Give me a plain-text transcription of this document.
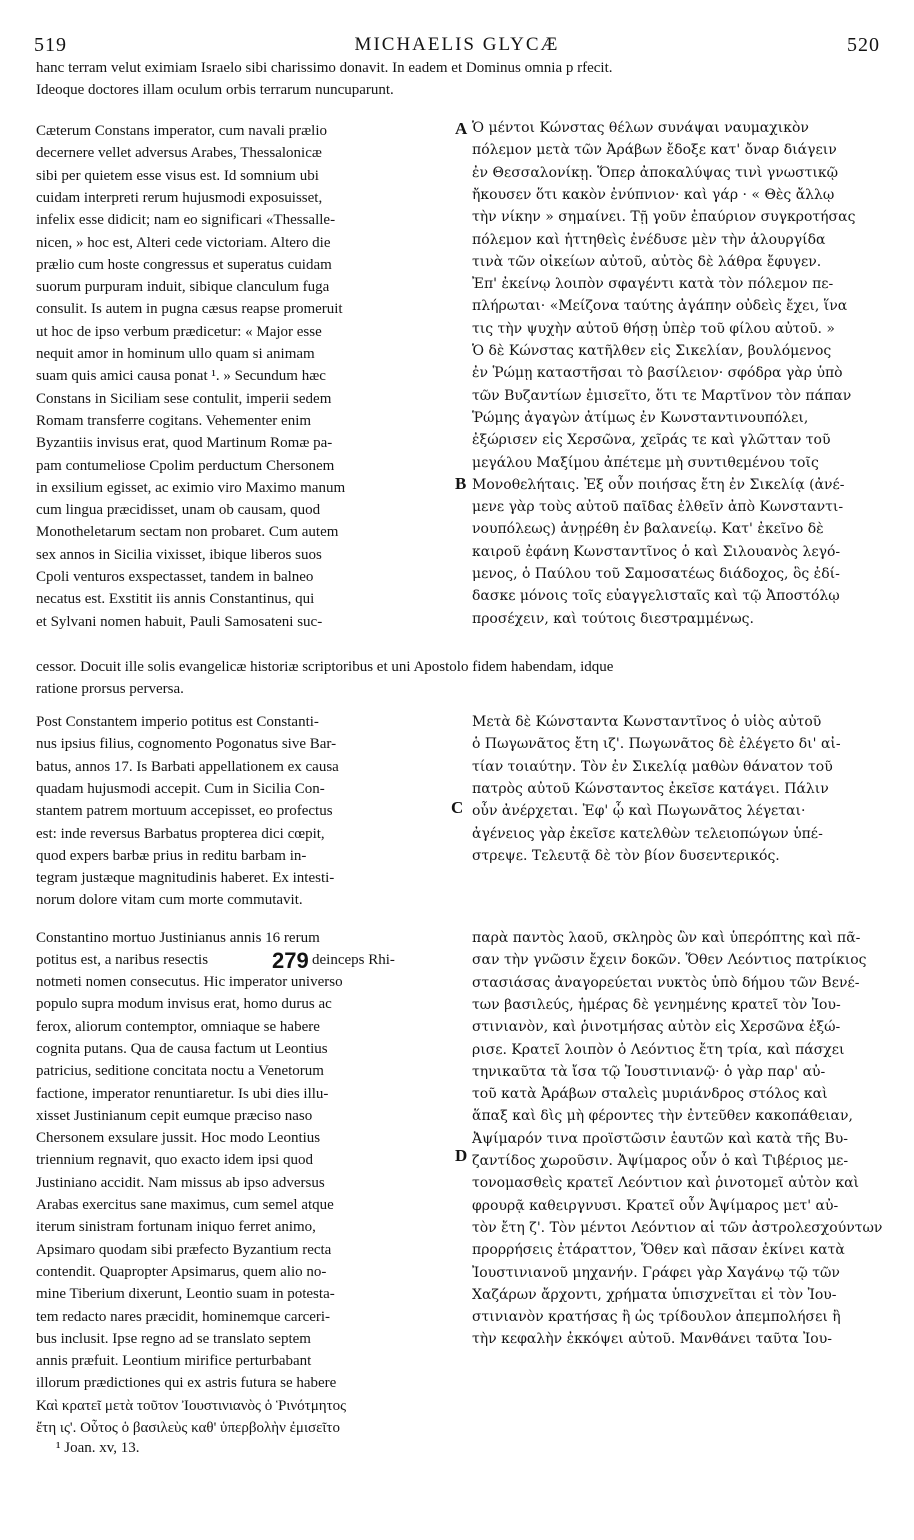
519	MICHAELIS GLYCÆ	520
A
B
C
D
279
¹ Joan. xv, 13.
hanc terram velut eximiam Israelo sibi charissimo donavit. In eadem et Dominus omnia p rfecit.
Ideoque doctores illam oculum orbis terrarum nuncuparunt.
Cæterum Constans imperator, cum navali prælio
decernere vellet adversus Arabes, Thessalonicæ
sibi per quietem esse visus est. Id somnium ubi
cuidam interpreti rerum hujusmodi exposuisset,
infelix esse didicit; nam eo significari «Thessalle-
nicen, » hoc est, Alteri cede victoriam. Altero die
prælio cum hoste congressus et superatus cuidam
suorum purpuram induit, sibique clanculum fuga
consulit. Is autem in pugna cæsus reapse promeruit
ut hoc de ipso verbum prædicetur: « Major esse
nequit amor in hominum ullo quam si animam
suam quis amici causa ponat ¹. » Secundum hæc
Constans in Siciliam sese contulit, imperii sedem
Romam transferre cogitans. Vehementer enim
Byzantiis invisus erat, quod Martinum Romæ pa-
pam contumeliose Cpolim perductum Chersonem
in exsilium egisset, ac eximio viro Maximo manum
cum lingua præcidisset, unam ob causam, quod
Monotheletarum sectam non probaret. Cum autem
sex annos in Sicilia vixisset, ibique liberos suos
Cpoli venturos exspectasset, tandem in balneo
necatus est. Exstitit iis annis Constantinus, qui
et Sylvani nomen habuit, Pauli Samosateni suc-
cessor. Docuit ille solis evangelicæ historiæ scriptoribus et uni Apostolo fidem habendam, idque
ratione prorsus perversa.
Ὁ μέντοι Κώνστας θέλων συνάψαι ναυμαχικὸν
πόλεμον μετὰ τῶν Ἀράβων ἔδοξε κατ' ὄναρ διάγειν
ἐν Θεσσαλονίκῃ. Ὅπερ ἀποκαλύψας τινὶ γνωστικῷ
ἤκουσεν ὅτι κακὸν ἐνύπνιον· καὶ γάρ · « Θὲς ἄλλῳ
τὴν νίκην » σημαίνει. Τῇ γοῦν ἐπαύριον συγκροτήσας
πόλεμον καὶ ἡττηθεὶς ἐνέδυσε μὲν τὴν ἁλουργίδα
τινὰ τῶν οἰκείων αὐτοῦ, αὐτὸς δὲ λάθρα ἔφυγεν.
Ἐπ' ἐκείνῳ λοιπὸν σφαγέντι κατὰ τὸν πόλεμον πε-
πλήρωται· «Μείζονα ταύτης ἀγάπην οὐδεὶς ἔχει, ἵνα
τις τὴν ψυχὴν αὐτοῦ θήσῃ ὑπὲρ τοῦ φίλου αὐτοῦ. »
Ὁ δὲ Κώνστας κατῆλθεν εἰς Σικελίαν, βουλόμενος
ἐν Ῥώμῃ καταστῆσαι τὸ βασίλειον· σφόδρα γὰρ ὑπὸ
τῶν Βυζαντίων ἐμισεῖτο, ὅτι τε Μαρτῖνον τὸν πάπαν
Ῥώμης ἀγαγὼν ἀτίμως ἐν Κωνσταντινουπόλει,
ἐξώρισεν εἰς Χερσῶνα, χεῖράς τε καὶ γλῶτταν τοῦ
μεγάλου Μαξίμου ἀπέτεμε μὴ συντιθεμένου τοῖς
Μονοθελήταις. Ἐξ οὖν ποιήσας ἔτη ἐν Σικελίᾳ (ἀνέ-
μενε γὰρ τοὺς αὐτοῦ παῖδας ἐλθεῖν ἀπὸ Κωνσταντι-
νουπόλεως) ἀνῃρέθη ἐν βαλανείῳ. Κατ' ἐκεῖνο δὲ
καιροῦ ἐφάνη Κωνσταντῖνος ὁ καὶ Σιλουανὸς λεγό-
μενος, ὁ Παύλου τοῦ Σαμοσατέως διάδοχος, ὃς ἐδί-
δασκε μόνοις τοῖς εὐαγγελισταῖς καὶ τῷ Ἀποστόλῳ
προσέχειν, καὶ τούτοις διεστραμμένως.
Post Constantem imperio potitus est Constanti-
nus ipsius filius, cognomento Pogonatus sive Bar-
batus, annos 17. Is Barbati appellationem ex causa
quadam hujusmodi accepit. Cum in Sicilia Con-
stantem patrem mortuum accepisset, eo profectus
est: inde reversus Barbatus propterea dici cœpit,
quod expers barbæ prius in reditu barbam in-
tegram justæque magnitudinis haberet. Ex intesti-
norum dolore vitam cum morte commutavit.
Μετὰ δὲ Κώνσταντα Κωνσταντῖνος ὁ υἱὸς αὐτοῦ
ὁ Πωγωνᾶτος ἔτη ιζ'. Πωγωνᾶτος δὲ ἐλέγετο δι' αἰ-
τίαν τοιαύτην. Τὸν ἐν Σικελίᾳ μαθὼν θάνατον τοῦ
πατρὸς αὐτοῦ Κώνσταντος ἐκεῖσε κατάγει. Πάλιν
οὖν ἀνέρχεται. Ἐφ' ᾧ καὶ Πωγωνᾶτος λέγεται·
ἀγένειος γὰρ ἐκεῖσε κατελθὼν τελειοπώγων ὑπέ-
στρεψε. Τελευτᾷ δὲ τὸν βίον δυσεντερικός.
Constantino mortuo Justinianus annis 16 rerum
potitus est, a naribus resectis	deinceps Rhi-
notmeti nomen consecutus. Hic imperator universo
populo supra modum invisus erat, homo durus ac
ferox, aliorum contemptor, omniaque se habere
cognita putans. Qua de causa factum ut Leontius
patricius, seditione concitata noctu a Venetorum
factione, imperator renuntiaretur. Is ubi dies illu-
xisset Justinianum cepit eumque præciso naso
Chersonem exsulare jussit. Hoc modo Leontius
triennium regnavit, quo exacto idem ipsi quod
Justiniano accidit. Nam missus ab ipso adversus
Arabas exercitus sane maximus, cum semel atque
iterum sinistram fortunam iniquo ferret animo,
Apsimaro quodam sibi præfecto Byzantium recta
contendit. Quapropter Apsimarus, quem alio no-
mine Tiberium dixerunt, Leontio suam in potesta-
tem redacto nares præcidit, hominemque carceri-
bus inclusit. Ipse regno ad se translato septem
annis præfuit. Leontium mirifice perturbabant
illorum prædictiones qui ex astris futura se habere
Καὶ κρατεῖ μετὰ τοῦτον Ἰουστινιανὸς ὁ Ῥινότμητος
ἔτη ις'. Οὗτος ὁ βασιλεὺς καθ' ὑπερβολὴν ἐμισεῖτο
παρὰ παντὸς λαοῦ, σκληρὸς ὢν καὶ ὑπερόπτης καὶ πᾶ-
σαν τὴν γνῶσιν ἔχειν δοκῶν. Ὅθεν Λεόντιος πατρίκιος
στασιάσας ἀναγορεύεται νυκτὸς ὑπὸ δήμου τῶν Βενέ-
των βασιλεύς, ἡμέρας δὲ γενημένης κρατεῖ τὸν Ἰου-
στινιανὸν, καὶ ῥινοτμήσας αὐτὸν εἰς Χερσῶνα ἐξώ-
ρισε. Κρατεῖ λοιπὸν ὁ Λεόντιος ἔτη τρία, καὶ πάσχει
τηνικαῦτα τὰ ἴσα τῷ Ἰουστινιανῷ· ὁ γὰρ παρ' αὐ-
τοῦ κατὰ Ἀράβων σταλεὶς μυριάνδρος στόλος καὶ
ἅπαξ καὶ δὶς μὴ φέροντες τὴν ἐντεῦθεν κακοπάθειαν,
Ἀψίμαρόν τινα προϊστῶσιν ἑαυτῶν καὶ κατὰ τῆς Βυ-
ζαντίδος χωροῦσιν. Ἀψίμαρος οὖν ὁ καὶ Τιβέριος με-
τονομασθεὶς κρατεῖ Λεόντιον καὶ ῥινοτομεῖ αὐτὸν καὶ
φρουρᾷ καθειργνυσι. Κρατεῖ οὖν Ἀψίμαρος μετ' αὐ-
τὸν ἔτη ζ'. Τὸν μέντοι Λεόντιον αἱ τῶν ἀστρολεσχούντων
προρρήσεις ἐτάραττον, Ὅθεν καὶ πᾶσαν ἐκίνει κατὰ
Ἰουστινιανοῦ μηχανήν. Γράφει γὰρ Χαγάνῳ τῷ τῶν
Χαζάρων ἄρχοντι, χρήματα ὑπισχνεῖται εἰ τὸν Ἰου-
στινιανὸν κρατήσας ἢ ὡς τρίδουλον ἀπεμπολήσει ἢ
τὴν κεφαλὴν ἐκκόψει αὐτοῦ. Μανθάνει ταῦτα Ἰου-
